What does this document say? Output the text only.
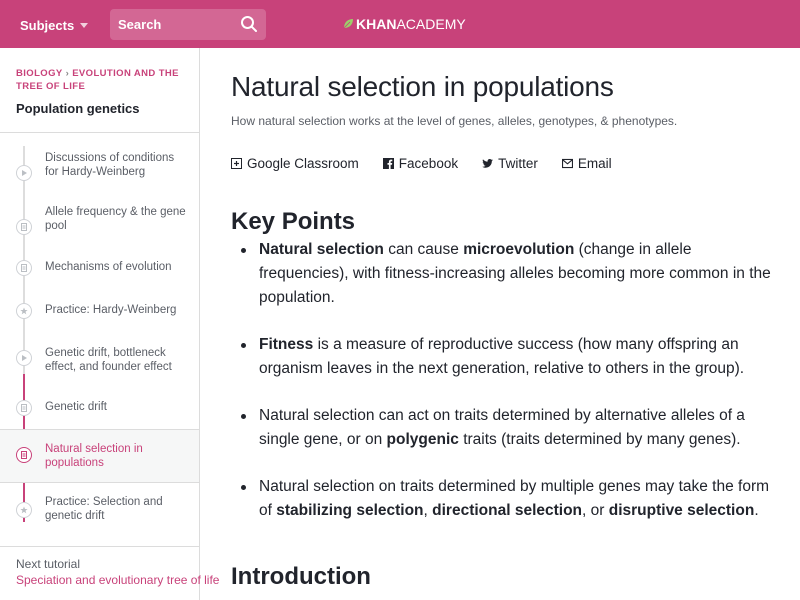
Subjects
Search	KHAN ACADEMY
BIOLOGY › EVOLUTION AND THE TREE OF LIFE
Population genetics
Discussions of conditions for Hardy-Weinberg
Allele frequency & the gene pool
Mechanisms of evolution
Practice: Hardy-Weinberg
Genetic drift, bottleneck effect, and founder effect
Genetic drift
Natural selection in populations
Practice: Selection and genetic drift
Next tutorial
Speciation and evolutionary tree of life
Natural selection in populations
How natural selection works at the level of genes, alleles, genotypes, & phenotypes.
Google Classroom	Facebook	Twitter	Email
Key Points
Natural selection can cause microevolution (change in allele frequencies), with fitness-increasing alleles becoming more common in the population.
Fitness is a measure of reproductive success (how many offspring an organism leaves in the next generation, relative to others in the group).
Natural selection can act on traits determined by alternative alleles of a single gene, or on polygenic traits (traits determined by many genes).
Natural selection on traits determined by multiple genes may take the form of stabilizing selection, directional selection, or disruptive selection.
Introduction
